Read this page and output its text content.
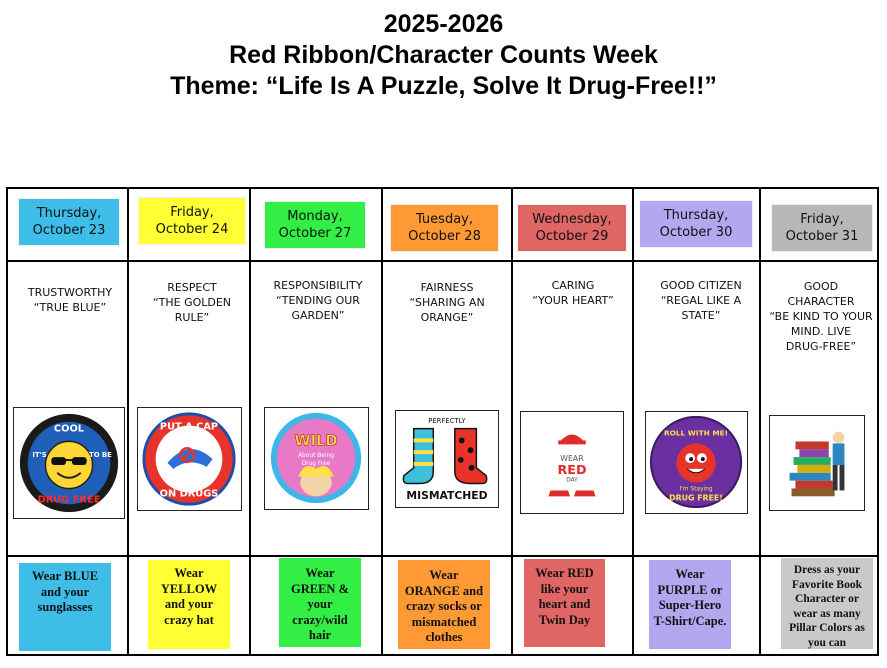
2025-2026
Red Ribbon/Character Counts Week
Theme: “Life Is A Puzzle, Solve It Drug-Free!!”
Thursday,
October 23
Friday,
October 24
Monday,
October 27
Tuesday,
October 28
Wednesday,
October 29
Thursday,
October 30
Friday,
October 31
TRUSTWORTHY
“TRUE BLUE”
RESPECT
“THE GOLDEN
RULE”
RESPONSIBILITY
“TENDING OUR
GARDEN”
FAIRNESS
“SHARING AN
ORANGE”
CARING
“YOUR HEART”
GOOD CITIZEN
“REGAL LIKE A
STATE”
GOOD
CHARACTER
“BE KIND TO YOUR
MIND. LIVE
DRUG-FREE”
COOL
IT'S	TO BE
DRUG FREE
PUT A CAP
ON DRUGS
WILD
About Being
Drug Free
PERFECTLY
MISMATCHED
WEAR
RED
DAY
ROLL WITH ME!
I'm Staying
DRUG FREE!
Wear BLUE
and your
sunglasses
Wear
YELLOW
and your
crazy hat
Wear
GREEN &
your
crazy/wild
hair
Wear
ORANGE and
crazy socks or
mismatched
clothes
Wear RED
like your
heart and
Twin Day
Wear
PURPLE or
Super-Hero
T-Shirt/Cape.
Dress as your
Favorite Book
Character or
wear as many
Pillar Colors as
you can
